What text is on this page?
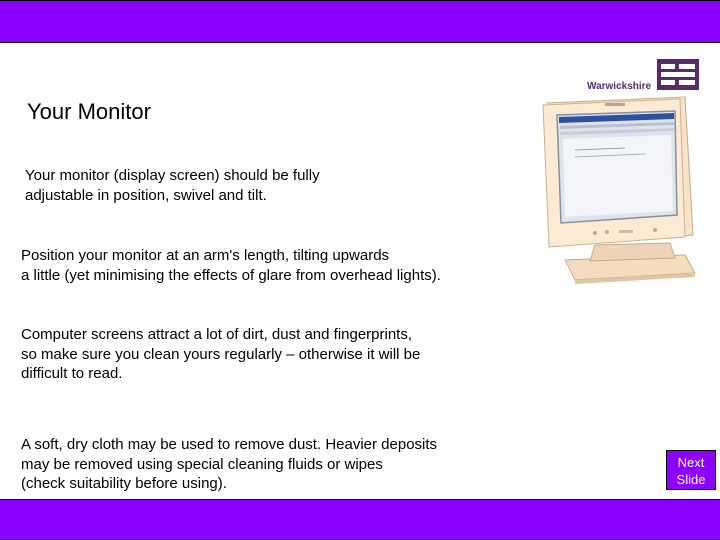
Warwickshire
Your Monitor
Your monitor (display screen) should be fully
adjustable in position, swivel and tilt.
Position your monitor at an arm's length, tilting upwards
a little (yet minimising the effects of glare from overhead lights).
Computer screens attract a lot of dirt, dust and fingerprints,
so make sure you clean yours regularly – otherwise it will be
difficult to read.
A soft, dry cloth may be used to remove dust. Heavier deposits
may be removed using special cleaning fluids or wipes
(check suitability before using).
Next
Slide
